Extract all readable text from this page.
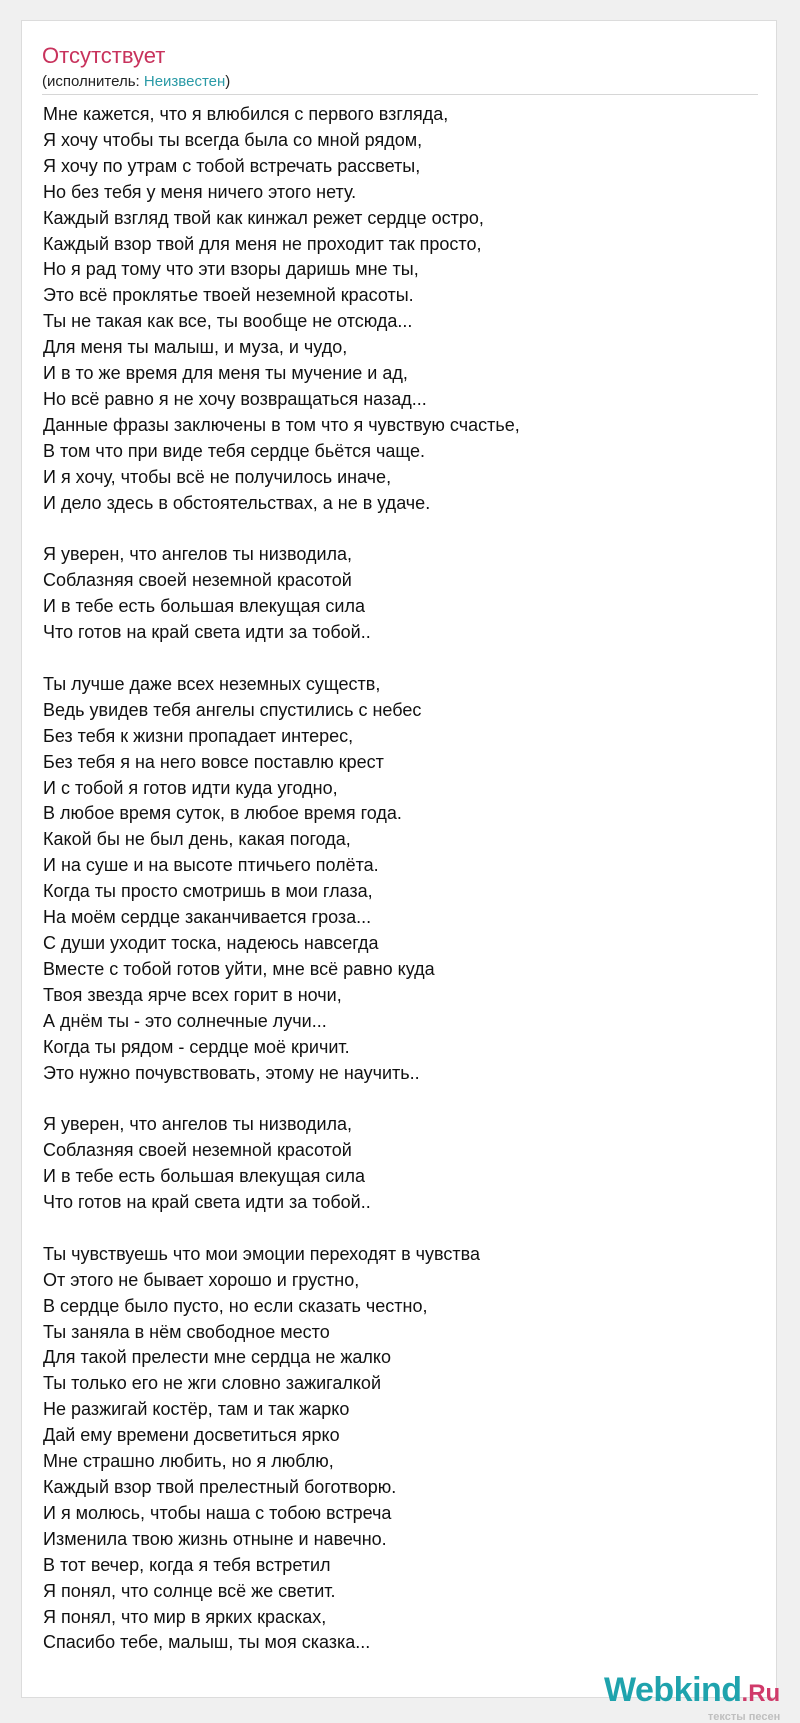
Отсутствует
(исполнитель: Неизвестен)
Мне кажется, что я влюбился с первого взгляда,
Я хочу чтобы ты всегда была со мной рядом,
Я хочу по утрам с тобой встречать рассветы,
Но без тебя у меня ничего этого нету.
Каждый взгляд твой как кинжал режет сердце остро,
Каждый взор твой для меня не проходит так просто,
Но я рад тому что эти взоры даришь мне ты,
Это всё проклятье твоей неземной красоты.
Ты не такая как все, ты вообще не отсюда...
Для меня ты малыш, и муза, и чудо,
И в то же время для меня ты мучение и ад,
Но всё равно я не хочу возвращаться назад...
Данные фразы заключены в том что я чувствую счастье,
В том что при виде тебя сердце бьётся чаще.
И я хочу, чтобы всё не получилось иначе,
И дело здесь в обстоятельствах, а не в удаче.
Я уверен, что ангелов ты низводила,
Соблазняя своей неземной красотой
И в тебе есть большая влекущая сила
Что готов на край света идти за тобой..
Ты лучше даже всех неземных существ,
Ведь увидев тебя ангелы спустились с небес
Без тебя к жизни пропадает интерес,
Без тебя я на него вовсе поставлю крест
И с тобой я готов идти куда угодно,
В любое время суток, в любое время года.
Какой бы не был день, какая погода,
И на суше и на высоте птичьего полёта.
Когда ты просто смотришь в мои глаза,
На моём сердце заканчивается гроза...
С души уходит тоска, надеюсь навсегда
Вместе с тобой готов уйти, мне всё равно куда
Твоя звезда ярче всех горит в ночи,
А днём ты - это солнечные лучи...
Когда ты рядом - сердце моё кричит.
Это нужно почувствовать, этому не научить..
Я уверен, что ангелов ты низводила,
Соблазняя своей неземной красотой
И в тебе есть большая влекущая сила
Что готов на край света идти за тобой..
Ты чувствуешь что мои эмоции переходят в чувства
От этого не бывает хорошо и грустно,
В сердце было пусто, но если сказать честно,
Ты заняла в нём свободное место
Для такой прелести мне сердца не жалко
Ты только его не жги словно зажигалкой
Не разжигай костёр, там и так жарко
Дай ему времени досветиться ярко
Мне страшно любить, но я люблю,
Каждый взор твой прелестный боготворю.
И я молюсь, чтобы наша с тобою встреча
Изменила твою жизнь отныне и навечно.
В тот вечер, когда я тебя встретил
Я понял, что солнце всё же светит.
Я понял, что мир в ярких красках,
Спасибо тебе, малыш, ты моя сказка...
Webkind.Ru
тексты песен
